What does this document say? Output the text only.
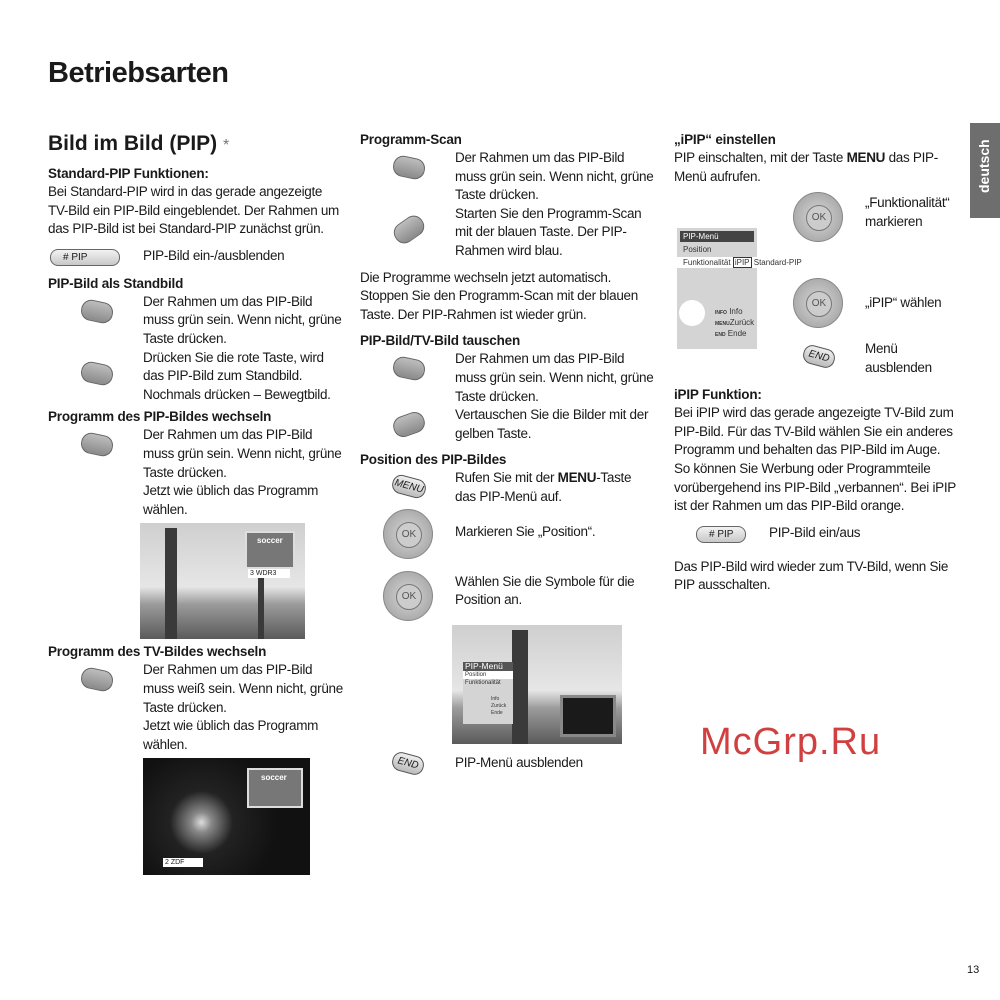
Betriebsarten
deutsch
Bild im Bild (PIP) *
Standard-PIP Funktionen:
Bei Standard-PIP wird in das gerade angezeigte TV-Bild ein PIP-Bild eingeblendet. Der Rahmen um das PIP-Bild ist bei Standard-PIP zunächst grün.
# PIP	PIP-Bild ein-/ausblenden
PIP-Bild als Standbild
Der Rahmen um das PIP-Bild muss grün sein. Wenn nicht, grüne Taste drücken.
Drücken Sie die rote Taste, wird das PIP-Bild zum Standbild. Nochmals drücken – Bewegtbild.
Programm des PIP-Bildes wechseln
Der Rahmen um das PIP-Bild muss grün sein. Wenn nicht, grüne Taste drücken.
Jetzt wie üblich das Programm wählen.
soccer
3 WDR3
Programm des TV-Bildes wechseln
Der Rahmen um das PIP-Bild muss weiß sein. Wenn nicht, grüne Taste drücken.
Jetzt wie üblich das Programm wählen.
soccer
2 ZDF
Programm-Scan
Der Rahmen um das PIP-Bild muss grün sein. Wenn nicht, grüne Taste drücken.
Starten Sie den Programm-Scan mit der blauen Taste. Der PIP-Rahmen wird blau.
Die Programme wechseln jetzt automatisch. Stoppen Sie den Programm-Scan mit der blauen Taste. Der PIP-Rahmen ist wieder grün.
PIP-Bild/TV-Bild tauschen
Der Rahmen um das PIP-Bild muss grün sein. Wenn nicht, grüne Taste drücken.
Vertauschen Sie die Bilder mit der gelben Taste.
Position des PIP-Bildes
MENU Rufen Sie mit der MENU-Taste das PIP-Menü auf.
OK	Markieren Sie „Position“.
OK
Wählen Sie die Symbole für die Position an.
PIP-Menü
Position
Funktionalität
Info
Zurück
Ende
END	PIP-Menü ausblenden
„iPIP“ einstellen
PIP einschalten, mit der Taste MENU das PIP-Menü aufrufen.
PIP-Menü
Position
Funktionalität iPIP Standard-PIP
INFO Info
MENUZurück
END Ende
OK
„Funktionalität“ markieren
OK	„iPIP“ wählen
END	Menü ausblenden
iPIP Funktion:
Bei iPIP wird das gerade angezeigte TV-Bild zum PIP-Bild. Für das TV-Bild wählen Sie ein anderes Programm und behalten das PIP-Bild im Auge. So können Sie Werbung oder Programmteile vorübergehend ins PIP-Bild „verbannen“. Bei iPIP ist der Rahmen um das PIP-Bild orange.
# PIP	PIP-Bild ein/aus
Das PIP-Bild wird wieder zum TV-Bild, wenn Sie PIP ausschalten.
McGrp.Ru
13
